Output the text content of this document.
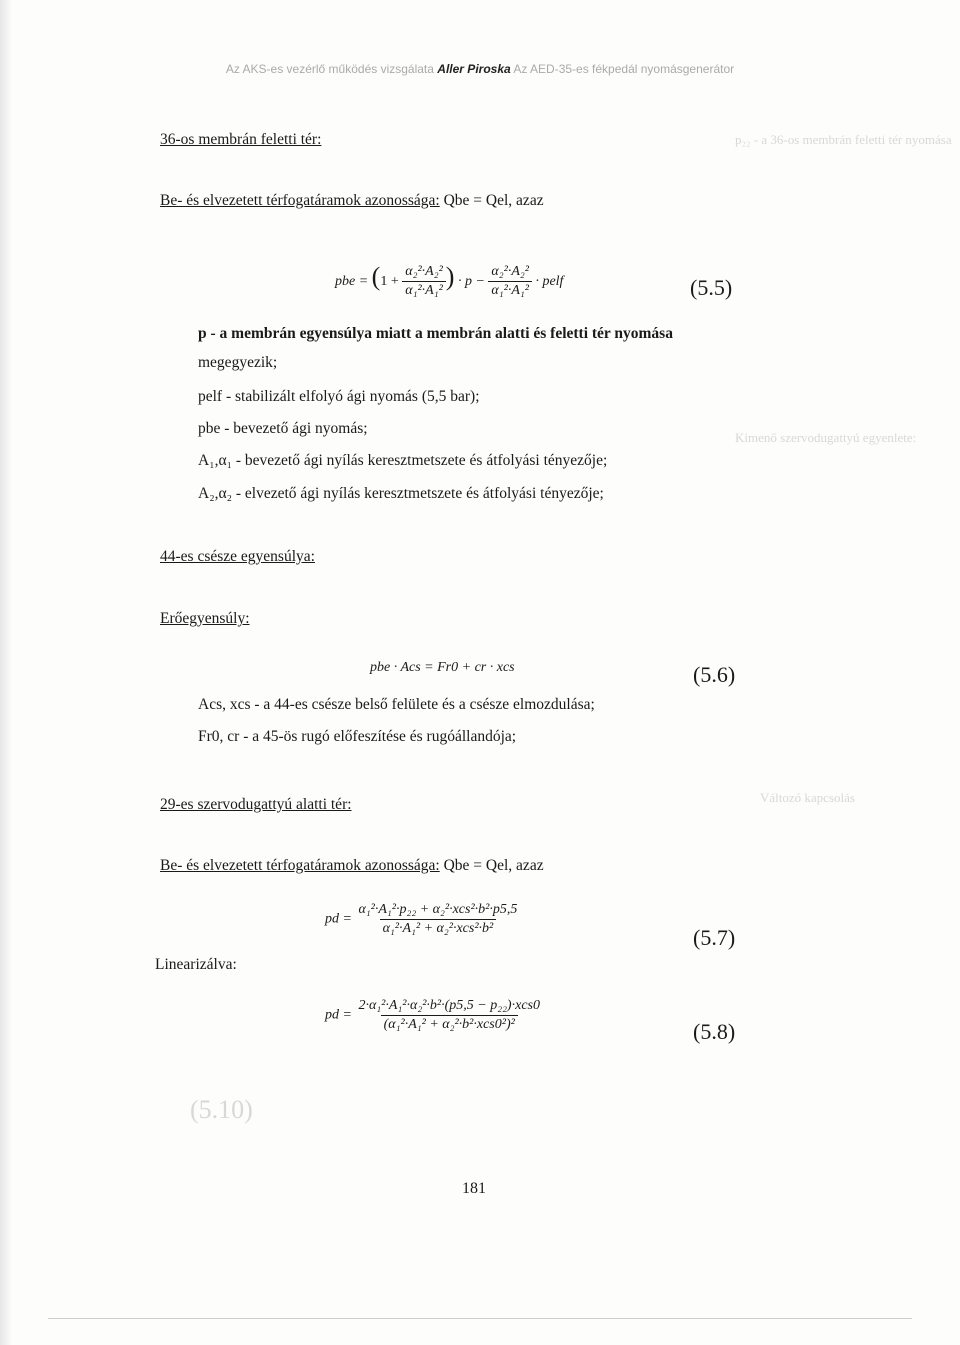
p₂₂ - a 36-os membrán feletti tér nyomása
Kimenő szervodugattyú egyenlete:
Változó kapcsolás
(5.10)
Az AKS-es vezérlő működés vizsgálata Aller Piroska Az AED-35-es fékpedál nyomásgenerátor
36-os membrán feletti tér:
Be- és elvezetett térfogatáramok azonossága: Qbe = Qel, azaz
pbe = ($1 + \frac{\text{α₂²·A₂²}}{\text{α₁²·A₁²}}$ ) · $p - \frac{\text{α₂²·A₂²}}{\text{α₁²·A₁²}}$ · pelf	(5.5)
p - a membrán egyensúlya miatt a membrán alatti és feletti tér nyomása
megegyezik;
pelf - stabilizált elfolyó ági nyomás (5,5 bar);
pbe - bevezető ági nyomás;
A₁,α₁ - bevezető ági nyílás keresztmetszete és átfolyási tényezője;
A₂,α₂ - elvezető ági nyílás keresztmetszete és átfolyási tényezője;
44-es csésze egyensúlya:
Erőegyensúly:
pbe · Acs = Fr0 + cr · xcs	(5.6)
Acs, xcs - a 44-es csésze belső felülete és a csésze elmozdulása;
Fr0, cr - a 45-ös rugó előfeszítése és rugóállandója;
29-es szervodugattyú alatti tér:
Be- és elvezetett térfogatáramok azonossága: Qbe = Qel, azaz
pd = $\frac{\text{α₁²·A₁²·p₂₂ + α₂²·xcs²·b²·p5,5}}{\text{α₁²·A₁² + α₂²·xcs²·b²}}$
(5.7)
Linearizálva:
pd = $\frac{\text{2·α₁²·A₁²·α₂²·b²·(p5,5 − p₂₂)·xcs0}}{\text{(α₁²·A₁² + α₂²·b²·xcs0²)²}}$	(5.8)
181
